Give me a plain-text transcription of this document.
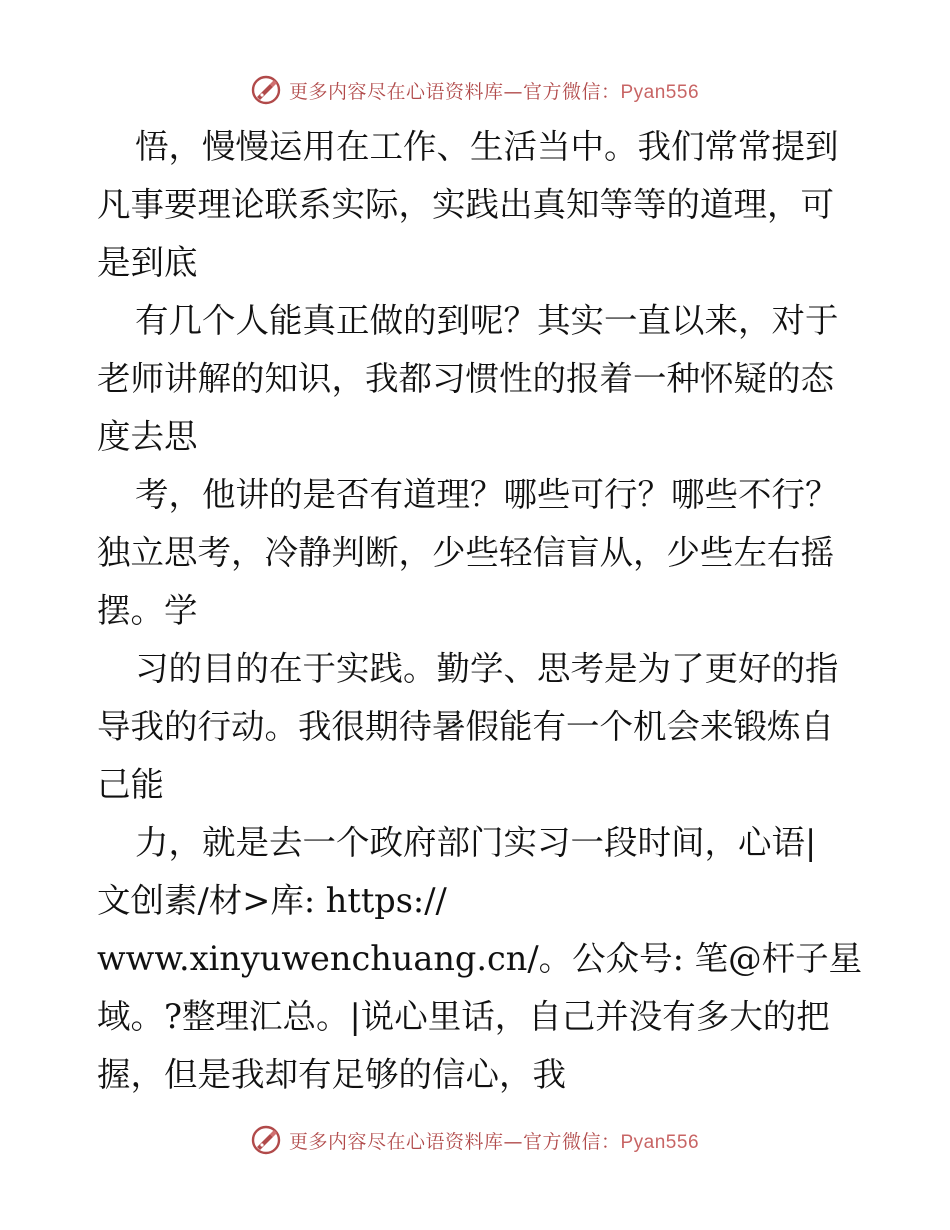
更多内容尽在心语资料库—官方微信：Pyan556
悟，慢慢运用在工作、生活当中。我们常常提到
凡事要理论联系实际，实践出真知等等的道理，可
是到底
有几个人能真正做的到呢？其实一直以来，对于
老师讲解的知识，我都习惯性的报着一种怀疑的态
度去思
考，他讲的是否有道理？哪些可行？哪些不行？
独立思考，冷静判断，少些轻信盲从，少些左右摇
摆。学
习的目的在于实践。勤学、思考是为了更好的指
导我的行动。我很期待暑假能有一个机会来锻炼自
己能
力，就是去一个政府部门实习一段时间，心语|
文创素/材>库: https://
www.xinyuwenchuang.cn/。公众号: 笔@杆子星
域。?整理汇总。|说心里话，自己并没有多大的把
握，但是我却有足够的信心，我
更多内容尽在心语资料库—官方微信：Pyan556
